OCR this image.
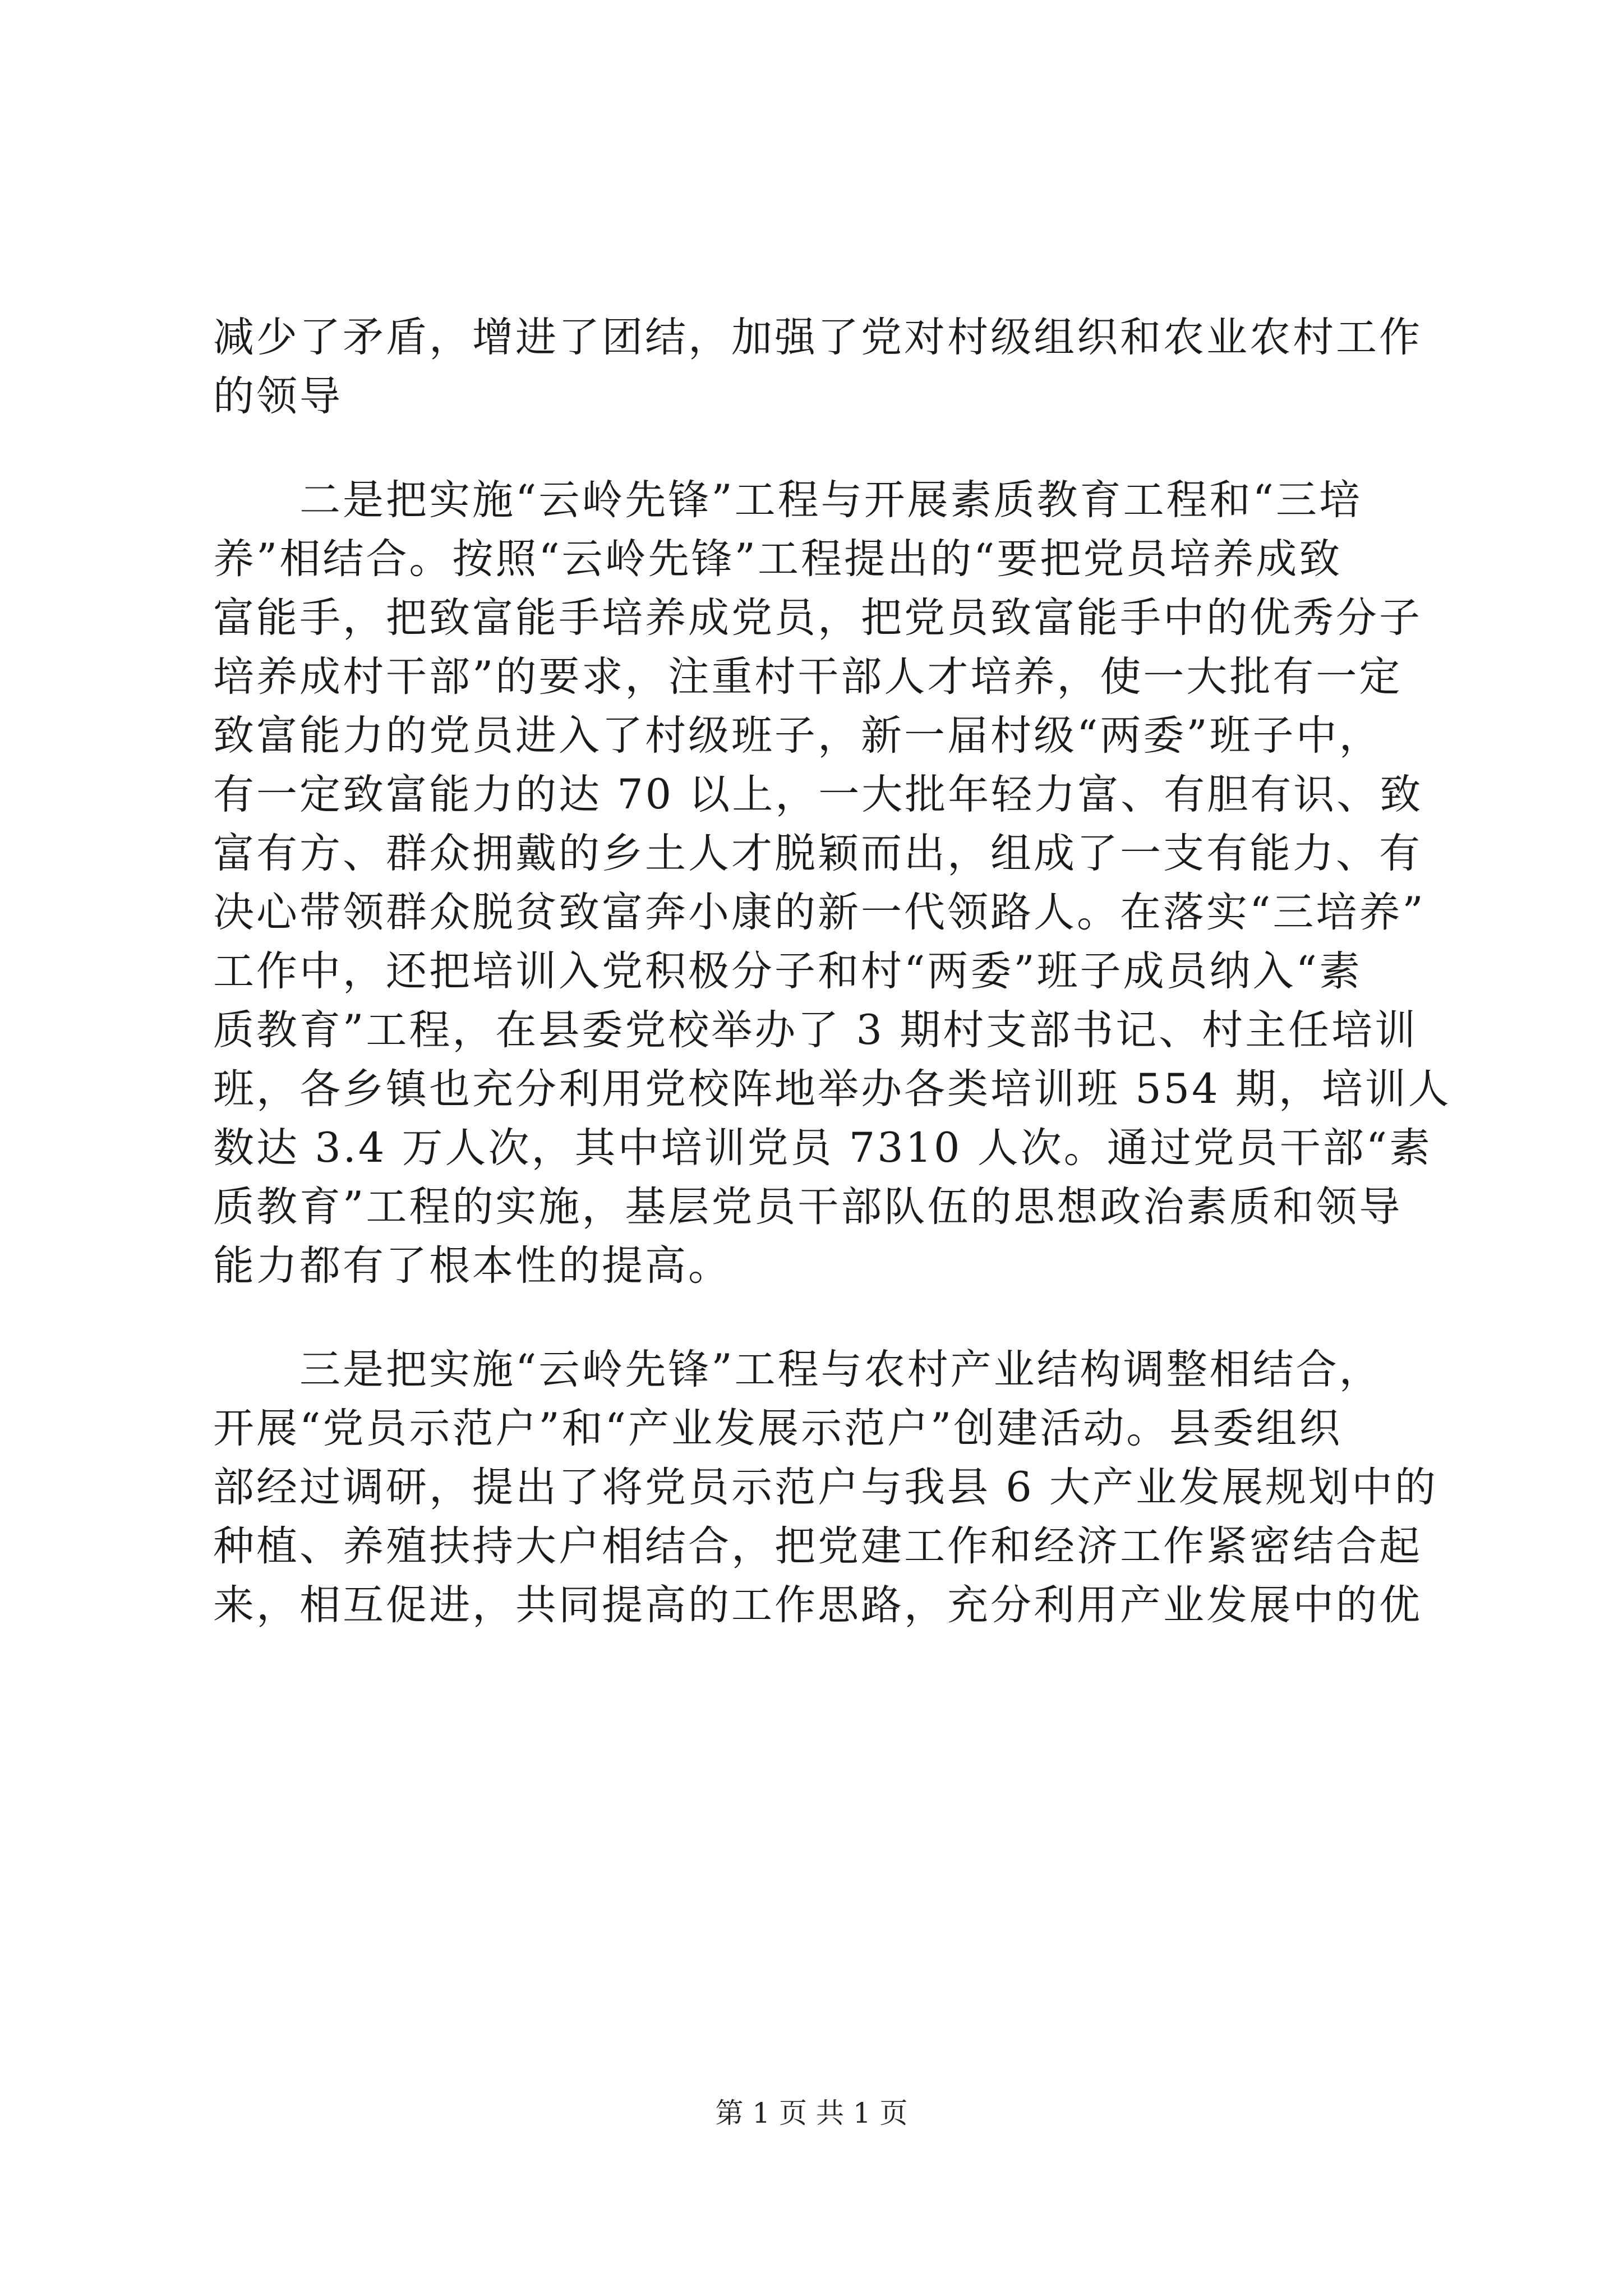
减少了矛盾，增进了团结，加强了党对村级组织和农业农村工作
的领导
　　二是把实施“云岭先锋”工程与开展素质教育工程和“三培
养”相结合。按照“云岭先锋”工程提出的“要把党员培养成致
富能手，把致富能手培养成党员，把党员致富能手中的优秀分子
培养成村干部”的要求，注重村干部人才培养，使一大批有一定
致富能力的党员进入了村级班子，新一届村级“两委”班子中，
有一定致富能力的达 70 以上，一大批年轻力富、有胆有识、致
富有方、群众拥戴的乡土人才脱颖而出，组成了一支有能力、有
决心带领群众脱贫致富奔小康的新一代领路人。在落实“三培养”
工作中，还把培训入党积极分子和村“两委”班子成员纳入“素
质教育”工程，在县委党校举办了 3 期村支部书记、村主任培训
班，各乡镇也充分利用党校阵地举办各类培训班 554 期，培训人
数达 3.4 万人次，其中培训党员 7310 人次。通过党员干部“素
质教育”工程的实施，基层党员干部队伍的思想政治素质和领导
能力都有了根本性的提高。
　　三是把实施“云岭先锋”工程与农村产业结构调整相结合，
开展“党员示范户”和“产业发展示范户”创建活动。县委组织
部经过调研，提出了将党员示范户与我县 6 大产业发展规划中的
种植、养殖扶持大户相结合，把党建工作和经济工作紧密结合起
来，相互促进，共同提高的工作思路，充分利用产业发展中的优
第 1 页 共 1 页
